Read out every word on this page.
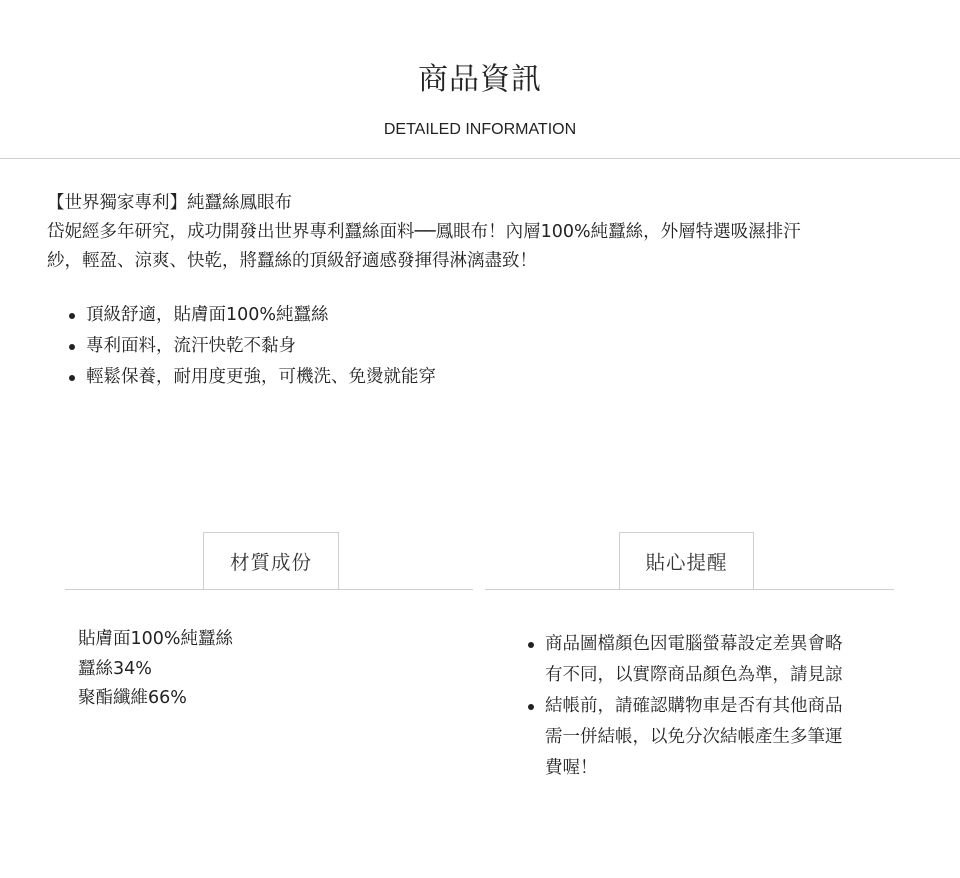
商品資訊
DETAILED INFORMATION

【世界獨家專利】純蠶絲鳳眼布

岱妮經多年研究，成功開發出世界專利蠶絲面料──鳳眼布！內層100%純蠶絲，外層特選吸濕排汗

紗，輕盈、涼爽、快乾，將蠶絲的頂級舒適感發揮得淋漓盡致！

頂級舒適，貼膚面100%純蠶絲
專利面料，流汗快乾不黏身
輕鬆保養，耐用度更強，可機洗、免燙就能穿
材質成份	貼心提醒
貼膚面100%純蠶絲
蠶絲34%
聚酯纖維66%
商品圖檔顏色因電腦螢幕設定差異會略有不同，以實際商品顏色為準，請見諒
結帳前，請確認購物車是否有其他商品需一併結帳，以免分次結帳產生多筆運費喔！
